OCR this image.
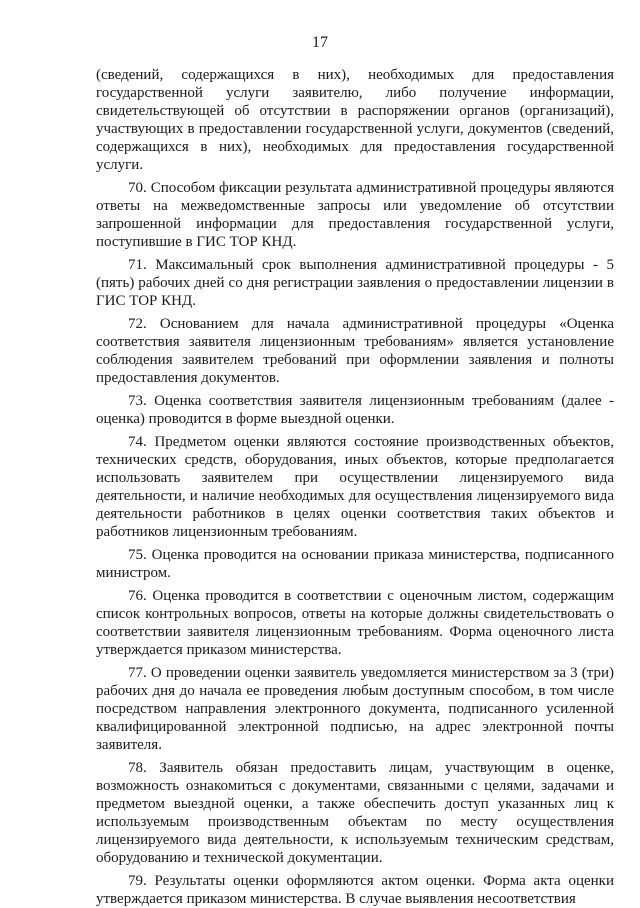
17

(сведений, содержащихся в них), необходимых для предоставления государственной услуги заявителю, либо получение информации, свидетельствующей об отсутствии в распоряжении органов (организаций), участвующих в предоставлении государственной услуги, документов (сведений, содержащихся в них), необходимых для предоставления государственной услуги.

70. Способом фиксации результата административной процедуры являются ответы на межведомственные запросы или уведомление об отсутствии запрошенной информации для предоставления государственной услуги, поступившие в ГИС ТОР КНД.

71. Максимальный срок выполнения административной процедуры - 5 (пять) рабочих дней со дня регистрации заявления о предоставлении лицензии в ГИС ТОР КНД.

72. Основанием для начала административной процедуры «Оценка соответствия заявителя лицензионным требованиям» является установление соблюдения заявителем требований при оформлении заявления и полноты предоставления документов.

73. Оценка соответствия заявителя лицензионным требованиям (далее - оценка) проводится в форме выездной оценки.

74. Предметом оценки являются состояние производственных объектов, технических средств, оборудования, иных объектов, которые предполагается использовать заявителем при осуществлении лицензируемого вида деятельности, и наличие необходимых для осуществления лицензируемого вида деятельности работников в целях оценки соответствия таких объектов и работников лицензионным требованиям.

75. Оценка проводится на основании приказа министерства, подписанного министром.

76. Оценка проводится в соответствии с оценочным листом, содержащим список контрольных вопросов, ответы на которые должны свидетельствовать о соответствии заявителя лицензионным требованиям. Форма оценочного листа утверждается приказом министерства.

77. О проведении оценки заявитель уведомляется министерством за 3 (три) рабочих дня до начала ее проведения любым доступным способом, в том числе посредством направления электронного документа, подписанного усиленной квалифицированной электронной подписью, на адрес электронной почты заявителя.

78. Заявитель обязан предоставить лицам, участвующим в оценке, возможность ознакомиться с документами, связанными с целями, задачами и предметом выездной оценки, а также обеспечить доступ указанных лиц к используемым производственным объектам по месту осуществления лицензируемого вида деятельности, к используемым техническим средствам, оборудованию и технической документации.

79. Результаты оценки оформляются актом оценки. Форма акта оценки утверждается приказом министерства. В случае выявления несоответствия
